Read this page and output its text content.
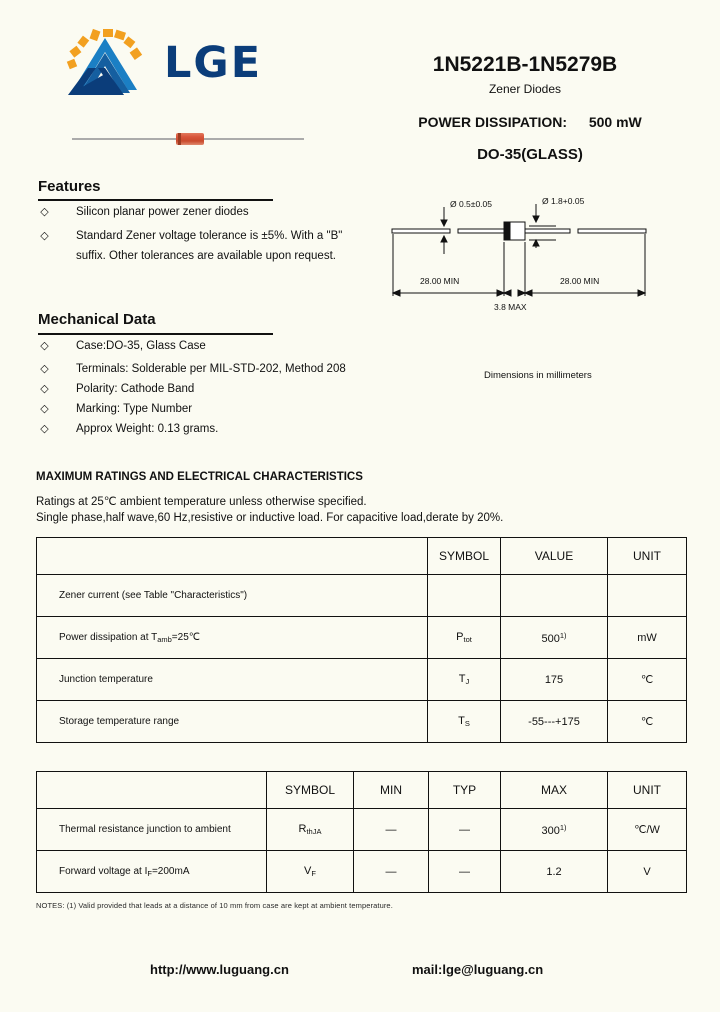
LGE	1N5221B-1N5279B
Zener Diodes
POWER DISSIPATION: 500 mW
DO-35(GLASS)
Features
◇ Silicon planar power zener diodes
◇ Standard Zener voltage tolerance is ±5%. With a "B"
suffix. Other tolerances are available upon request.
Mechanical Data
◇ Case:DO-35, Glass Case
◇ Terminals: Solderable per MIL-STD-202, Method 208
◇ Polarity: Cathode Band
◇ Marking: Type Number
◇ Approx Weight: 0.13 grams.
Ø 0.5±0.05	Ø 1.8+0.05
28.00 MIN	28.00 MIN
3.8 MAX
Dimensions in millimeters
MAXIMUM RATINGS AND ELECTRICAL CHARACTERISTICS
Ratings at 25℃ ambient temperature unless otherwise specified.
Single phase,half wave,60 Hz,resistive or inductive load. For capacitive load,derate by 20%.
	SYMBOL	VALUE	UNIT
Zener current (see Table "Characteristics")			
Power dissipation at $T_{amb}=25℃$	$P_{tot}$	500$^{1)}$	mW
Junction temperature	$T_J$	175	℃
Storage temperature range	$T_S$	-55---+175	℃
	SYMBOL	MIN	TYP	MAX	UNIT
Thermal resistance junction to ambient	$R_{thJA}$	—	—	300$^{1)}$	℃/W
Forward voltage at $I_F=200mA$	$V_F$	—	—	1.2	V
NOTES: (1) Valid provided that leads at a distance of 10 mm from case are kept at ambient temperature.
http://www.luguang.cn	mail:lge@luguang.cn
